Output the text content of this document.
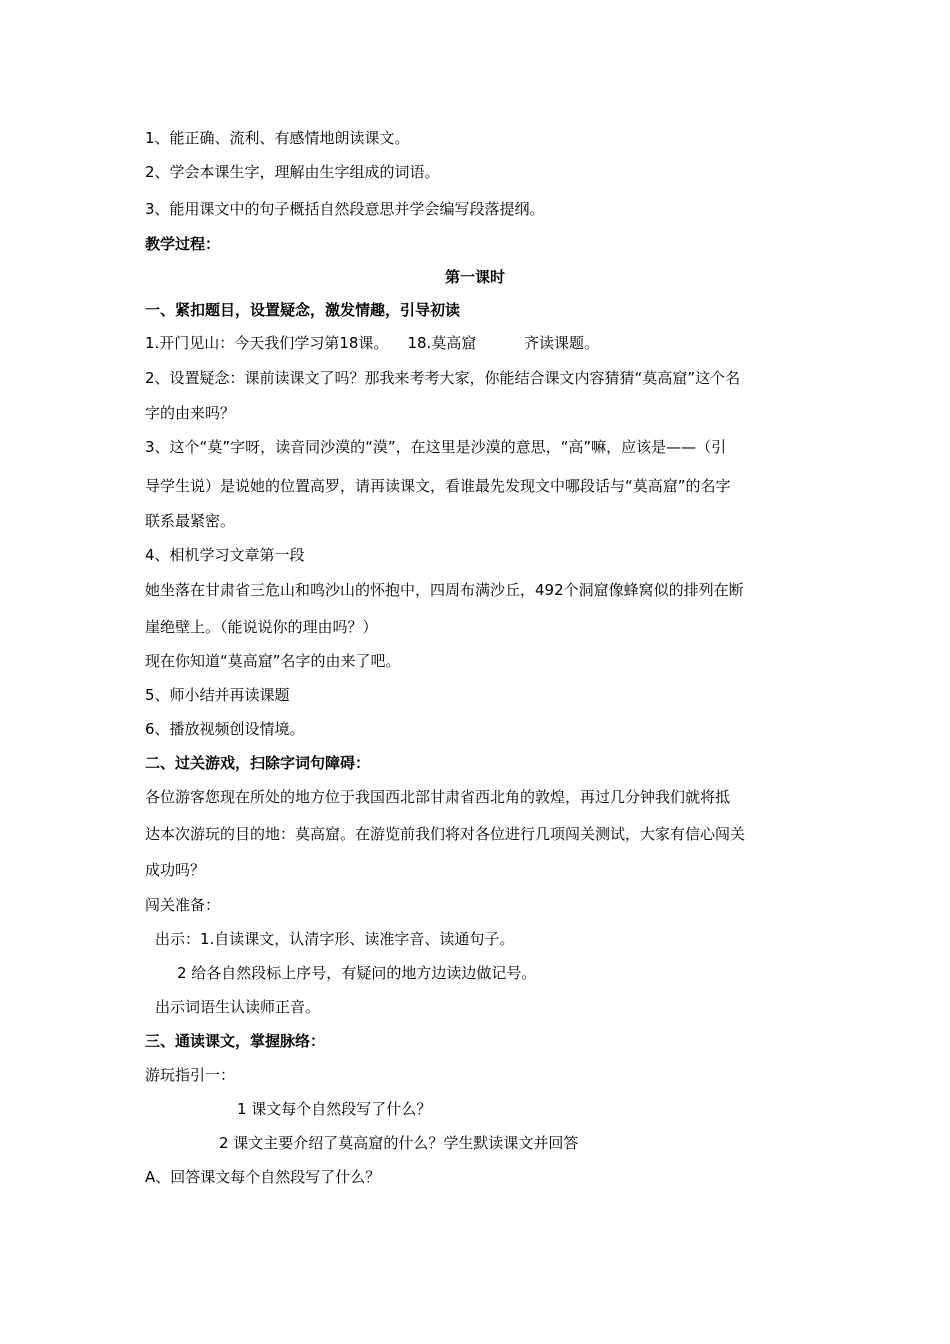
1、能正确、流利、有感情地朗读课文。
2、学会本课生字，理解由生字组成的词语。
3、能用课文中的句子概括自然段意思并学会编写段落提纲。
教学过程：
第一课时
一、紧扣题目，设置疑念，激发情趣，引导初读
1.开门见山：今天我们学习第18课。    18.莫高窟          齐读课题。
2、设置疑念：课前读课文了吗？那我来考考大家，你能结合课文内容猜猜“莫高窟”这个名
字的由来吗？
3、这个“莫”字呀，读音同沙漠的“漠”，在这里是沙漠的意思，“高”嘛，应该是——（引
导学生说）是说她的位置高罗，请再读课文，看谁最先发现文中哪段话与“莫高窟”的名字
联系最紧密。
4、相机学习文章第一段
她坐落在甘肃省三危山和鸣沙山的怀抱中，四周布满沙丘，492个洞窟像蜂窝似的排列在断
崖绝壁上。（能说说你的理由吗？）
现在你知道“莫高窟”名字的由来了吧。
5、师小结并再读课题
6、播放视频创设情境。
二、过关游戏，扫除字词句障碍：
各位游客您现在所处的地方位于我国西北部甘肃省西北角的敦煌，再过几分钟我们就将抵
达本次游玩的目的地：莫高窟。在游览前我们将对各位进行几项闯关测试，大家有信心闯关
成功吗？
闯关准备：
出示：1.自读课文，认清字形、读准字音、读通句子。
2 给各自然段标上序号，有疑问的地方边读边做记号。
出示词语生认读师正音。
三、通读课文，掌握脉络：
游玩指引一：
1 课文每个自然段写了什么？
2 课文主要介绍了莫高窟的什么？学生默读课文并回答
A、回答课文每个自然段写了什么？
